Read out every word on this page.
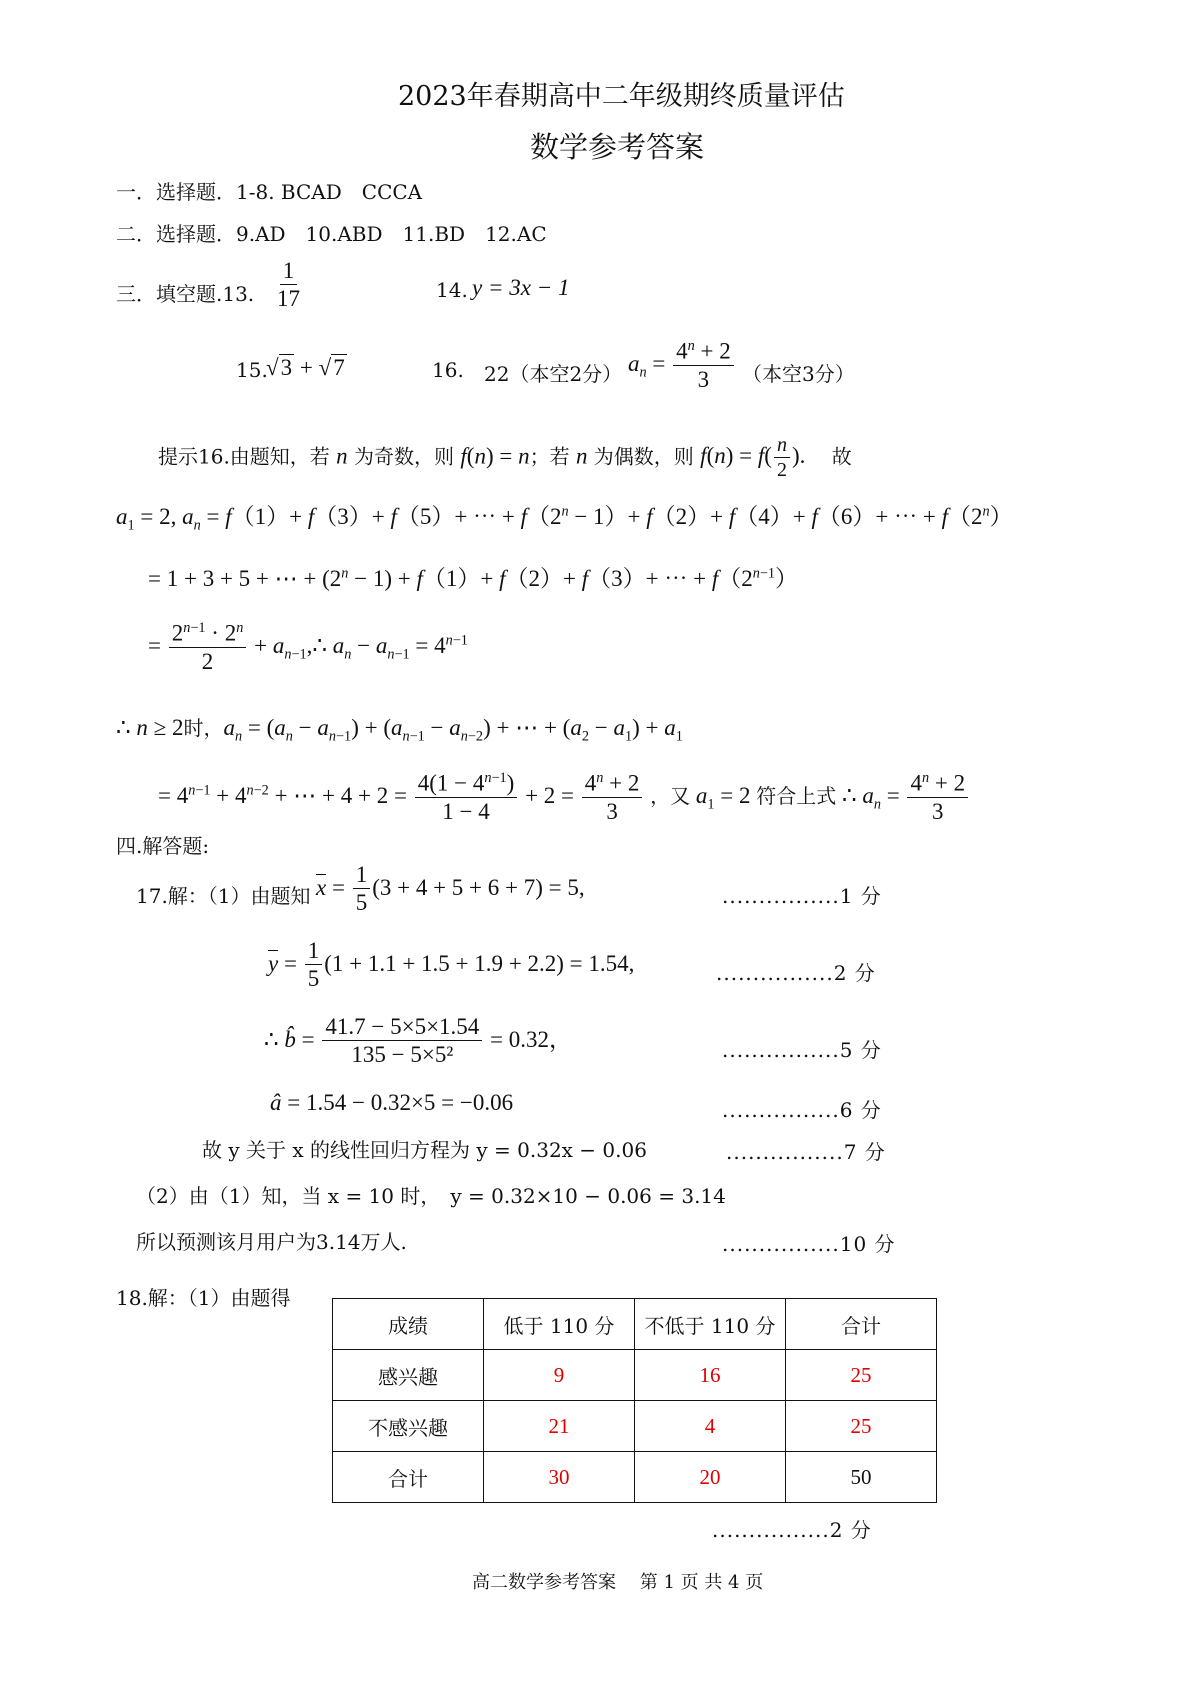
2023年春期高中二年级期终质量评估
数学参考答案
一．选择题．1-8. BCAD　CCCA
二．选择题．9.AD　10.ABD　11.BD　12.AC
三．填空题.13. $\frac{1}{17}$	14. y = 3x − 1
15.
√3 + √7	16. 22（本空2分） $a_n = \frac{4^n + 2}{3}$ （本空3分）
提示16.由题知，若 n 为奇数，则 f(n) = n；若 n 为偶数，则 $f(n) = f( \frac{n}{2}$ ).　 故
$a_1 = 2$, $a_n = f(1)+ f(3)+ f(5)+$ ⋯ + $f(2^n - 1)+ f(2)+ f(4)+ f(6)+$ ⋯ + $f(2^n)$
= 1 + 3 + 5 + ⋯ + $(2^n - 1) + f(1)+ f(2)+ f(3)+$ ⋯ + $f(2^{n-1})$
= $\frac{2^{n-1} \cdot 2^n}{2}$ + $a_{n-1},\therefore$ $a_n - a_{n-1} = 4^{n-1}$
∴ n ≥ 2时，$a_n = (a_n - a_{n-1}) + (a_{n-1} - a_{n-2})$ + ⋯ + $(a_2 - a_1) + a_1$
= $4^{n-1} + 4^{n-2}$ + ⋯ + $4 + 2 = \frac{4(1 - 4^{n-1})}{1 - 4} + 2 = \frac{4^n + 2}{3}$ ，又 $a_1 = 2$ 符合上式 ∴ $a_n = \frac{4^n + 2}{3}$
四.解答题:
17.解：（1）由题知 $x = \frac{1}{5} (3 + 4 + 5 + 6 + 7) = 5$,	................1 分
$y = \frac{1}{5} (1 + 1.1 + 1.5 + 1.9 + 2.2) = 1.54$,	................2 分
∴ b̂ = $\frac{41.7 - 5\times 5\times 1.54}{\text{135 − 5×5²}} = 0.32$，	................5 分
â = 1.54 − 0.32×5 = −0.06	................6 分
故 y 关于 x 的线性回归方程为 y = 0.32x − 0.06	................7 分
（2）由（1）知，当 x = 10 时，　y = 0.32×10 − 0.06 = 3.14
所以预测该月用户为3.14万人.	................10 分
18.解：（1）由题得
成绩	低于 110 分	不低于 110 分	合计
感兴趣	9	16	25
不感兴趣	21	4	25
合计	30	20	50
................2 分
高二数学参考答案　 第 1 页 共 4 页
